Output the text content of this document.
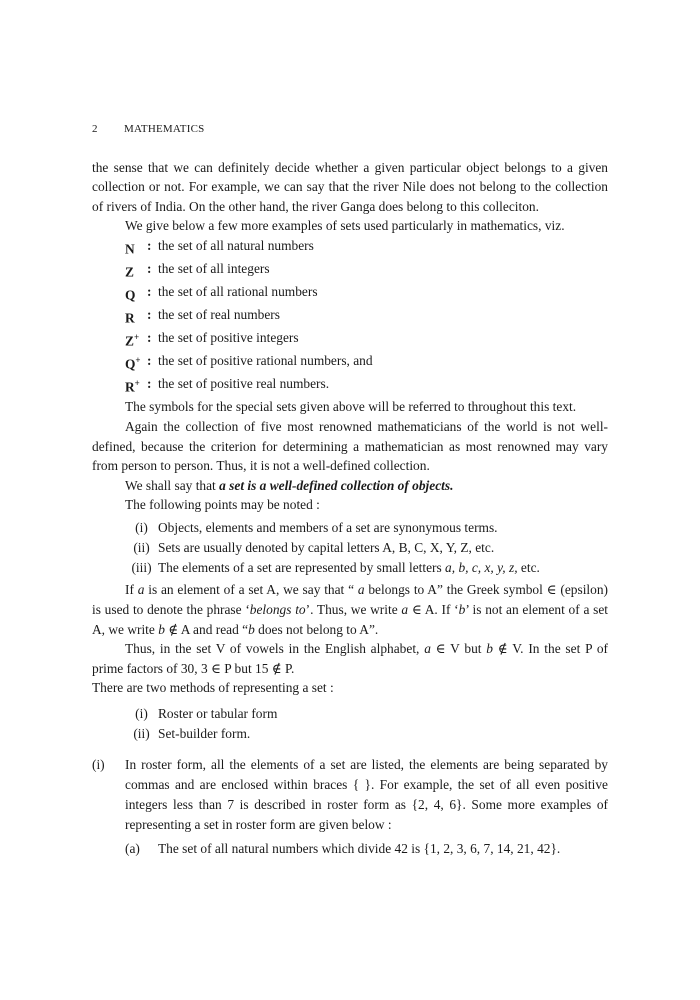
2 MATHEMATICS

the sense that we can definitely decide whether a given particular object belongs to a given collection or not. For example, we can say that the river Nile does not belong to the collection of rivers of India. On the other hand, the river Ganga does belong to this colleciton.

We give below a few more examples of sets used particularly in mathematics, viz.

N : the set of all natural numbers
Z : the set of all integers
Q : the set of all rational numbers
R : the set of real numbers
Z+ : the set of positive integers
Q+ : the set of positive rational numbers, and
R+ : the set of positive real numbers.

The symbols for the special sets given above will be referred to throughout this text.

Again the collection of five most renowned mathematicians of the world is not well-defined, because the criterion for determining a mathematician as most renowned may vary from person to person. Thus, it is not a well-defined collection.

We shall say that a set is a well-defined collection of objects.

The following points may be noted :

(i) Objects, elements and members of a set are synonymous terms.
(ii) Sets are usually denoted by capital letters A, B, C, X, Y, Z, etc.
(iii) The elements of a set are represented by small letters a, b, c, x, y, z, etc.

If a is an element of a set A, we say that “ a belongs to A” the Greek symbol ∈ (epsilon) is used to denote the phrase ‘belongs to’. Thus, we write a ∈ A. If ‘b’ is not an element of a set A, we write b ∉ A and read “b does not belong to A”.

Thus, in the set V of vowels in the English alphabet, a ∈ V but b ∉ V. In the set P of prime factors of 30, 3 ∈ P but 15 ∉ P.

There are two methods of representing a set :

(i) Roster or tabular form
(ii) Set-builder form.
(i)	In roster form, all the elements of a set are listed, the elements are being separated by commas and are enclosed within braces { }. For example, the set of all even positive integers less than 7 is described in roster form as {2, 4, 6}. Some more examples of representing a set in roster form are given below :
(a)	The set of all natural numbers which divide 42 is {1, 2, 3, 6, 7, 14, 21, 42}.
